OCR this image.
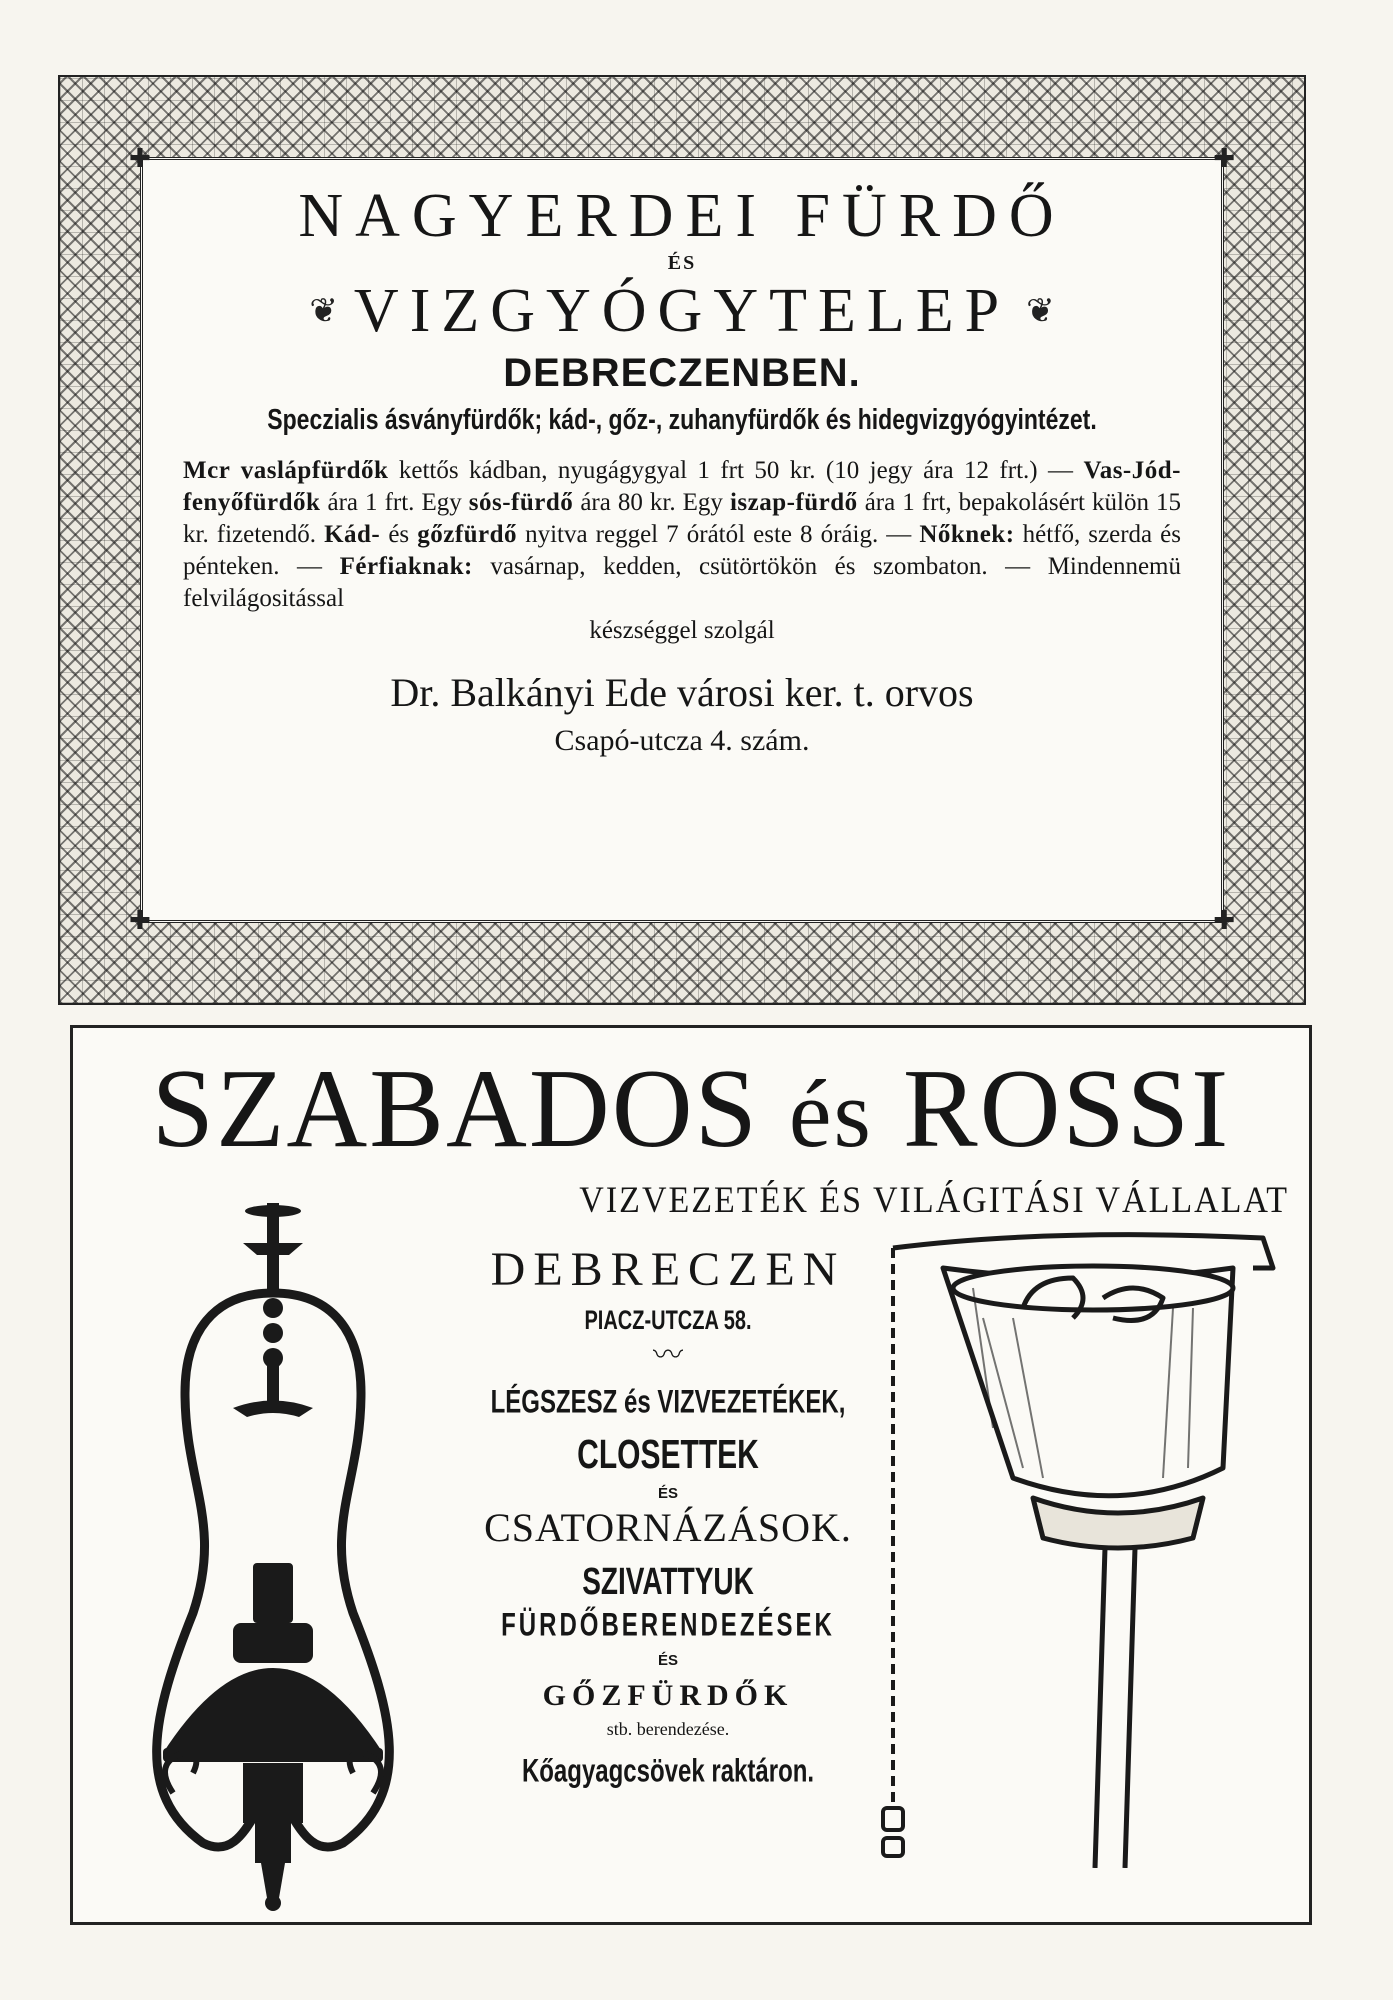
✚	✚
✚	✚
NAGYERDEI FÜRDŐ
ÉS
❦ VIZGYÓGYTELEP ❦
DEBRECZENBEN.
Speczialis ásványfürdők; kád-, gőz-, zuhanyfürdők és hidegvizgyógyintézet.
Mcr vaslápfürdők kettős kádban, nyugágygyal 1 frt 50 kr. (10 jegy ára 12 frt.) — Vas-Jód-fenyőfürdők ára 1 frt. Egy sós-fürdő ára 80 kr. Egy iszap-fürdő ára 1 frt, bepakolásért külön 15 kr. fizetendő. Kád- és gőzfürdő nyitva reggel 7 órától este 8 óráig. — Nőknek: hétfő, szerda és pénteken. — Férfiaknak: vasárnap, kedden, csütörtökön és szombaton. — Mindennemü felvilágositással
készséggel szolgál
Dr. Balkányi Ede városi ker. t. orvos
Csapó-utcza 4. szám.
SZABADOS és ROSSI
VIZVEZETÉK ÉS VILÁGITÁSI VÁLLALAT
DEBRECZEN
PIACZ-UTCZA 58.
〰
LÉGSZESZ és VIZVEZETÉKEK,
CLOSETTEK
ÉS
CSATORNÁZÁSOK.
SZIVATTYUK
FÜRDŐBERENDEZÉSEK
ÉS
GŐZFÜRDŐK
stb. berendezése.
Kőagyagcsövek raktáron.
